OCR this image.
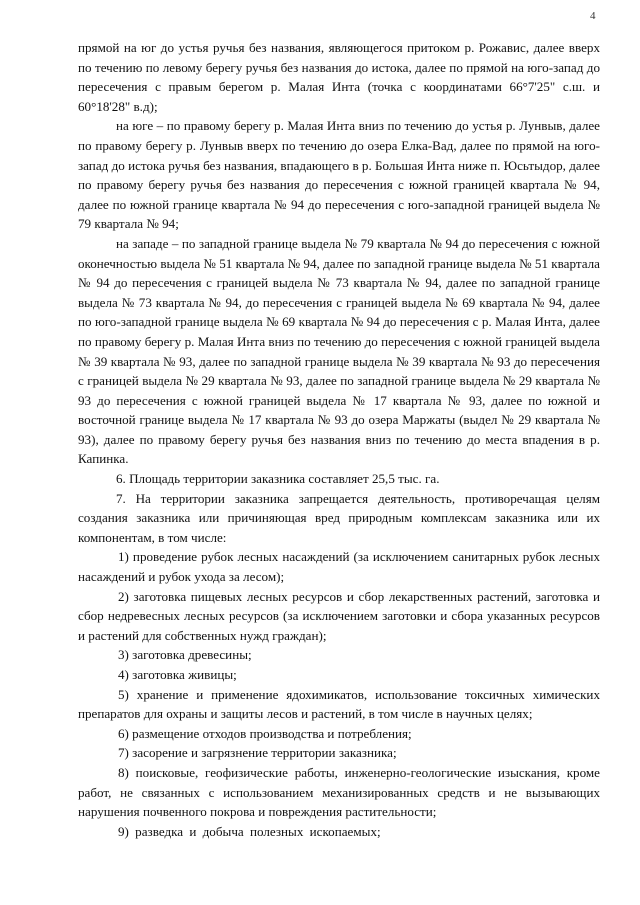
4

прямой на юг до устья ручья без названия, являющегося притоком р. Рожавис, далее вверх по течению по левому берегу ручья без названия до истока, далее по прямой на юго-запад до пересечения с правым берегом р. Малая Инта (точка с координатами 66°7'25" с.ш. и 60°18'28" в.д);

на юге – по правому берегу р. Малая Инта вниз по течению до устья р. Лунвыв, далее по правому берегу р. Лунвыв вверх по течению до озера Елка-Вад, далее по прямой на юго-запад до истока ручья без названия, впадающего в р. Большая Инта ниже п. Юсьтыдор, далее по правому берегу ручья без названия до пересечения с южной границей квартала № 94, далее по южной границе квартала № 94 до пересечения с юго-западной границей выдела № 79 квартала № 94;

на западе – по западной границе выдела № 79 квартала № 94 до пересечения с южной оконечностью выдела № 51 квартала № 94, далее по западной границе выдела № 51 квартала № 94 до пересечения с границей выдела № 73 квартала № 94, далее по западной границе выдела № 73 квартала № 94, до пересечения с границей выдела № 69 квартала № 94, далее по юго-западной границе выдела № 69 квартала № 94 до пересечения с р. Малая Инта, далее по правому берегу р. Малая Инта вниз по течению до пересечения с южной границей выдела № 39 квартала № 93, далее по западной границе выдела № 39 квартала № 93 до пересечения с границей выдела № 29 квартала № 93, далее по западной границе выдела № 29 квартала № 93 до пересечения с южной границей выдела № 17 квартала № 93, далее по южной и восточной границе выдела № 17 квартала № 93 до озера Маржаты (выдел № 29 квартала № 93), далее по правому берегу ручья без названия вниз по течению до места впадения в р. Капинка.

6. Площадь территории заказника составляет 25,5 тыс. га.

7. На территории заказника запрещается деятельность, противоречащая целям создания заказника или причиняющая вред природным комплексам заказника или их компонентам, в том числе:

1) проведение рубок лесных насаждений (за исключением санитарных рубок лесных насаждений и рубок ухода за лесом);

2) заготовка пищевых лесных ресурсов и сбор лекарственных растений, заготовка и сбор недревесных лесных ресурсов (за исключением заготовки и сбора указанных ресурсов и растений для собственных нужд граждан);

3) заготовка древесины;

4) заготовка живицы;

5) хранение и применение ядохимикатов, использование токсичных химических препаратов для охраны и защиты лесов и растений, в том числе в научных целях;

6) размещение отходов производства и потребления;

7) засорение и загрязнение территории заказника;

8) поисковые, геофизические работы, инженерно-геологические изыскания, кроме работ, не связанных с использованием механизированных средств и не вызывающих нарушения почвенного покрова и повреждения растительности;

9) разведка и добыча полезных ископаемых;
